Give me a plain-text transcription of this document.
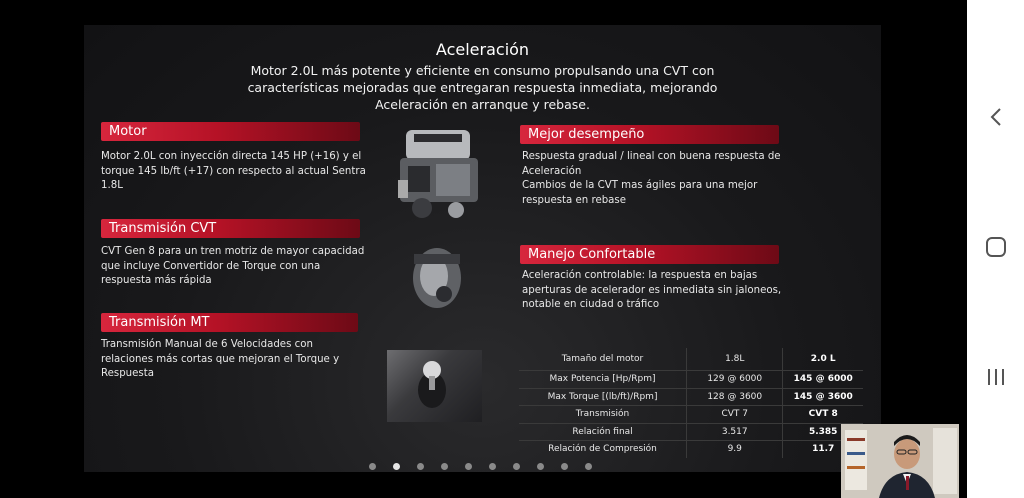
Aceleración
Motor 2.0L más potente y eficiente en consumo propulsando una CVT con características mejoradas que entregaran respuesta inmediata, mejorando Aceleración en arranque y rebase.
Motor
Motor 2.0L con inyección directa 145 HP (+16) y el torque 145 lb/ft (+17) con respecto al actual Sentra 1.8L
Transmisión CVT
CVT Gen 8 para un tren motriz de mayor capacidad que incluye Convertidor de Torque con una respuesta más rápida
Transmisión MT
Transmisión Manual de 6 Velocidades con relaciones más cortas que mejoran el Torque y Respuesta
Mejor desempeño
Respuesta gradual / lineal con buena respuesta de Aceleración
Cambios de la CVT mas ágiles para una mejor respuesta en rebase
Manejo Confortable
Aceleración controlable: la respuesta en bajas aperturas de acelerador es inmediata sin jaloneos, notable en ciudad o tráfico
Tamaño del motor	1.8L	2.0 L
Max Potencia [Hp/Rpm]	129 @ 6000	145 @ 6000
Max Torque [(lb/ft)/Rpm]	128 @ 3600	145 @ 3600
Transmisión	CVT 7	CVT 8
Relación final	3.517	5.385
Relación de Compresión	9.9	11.7
